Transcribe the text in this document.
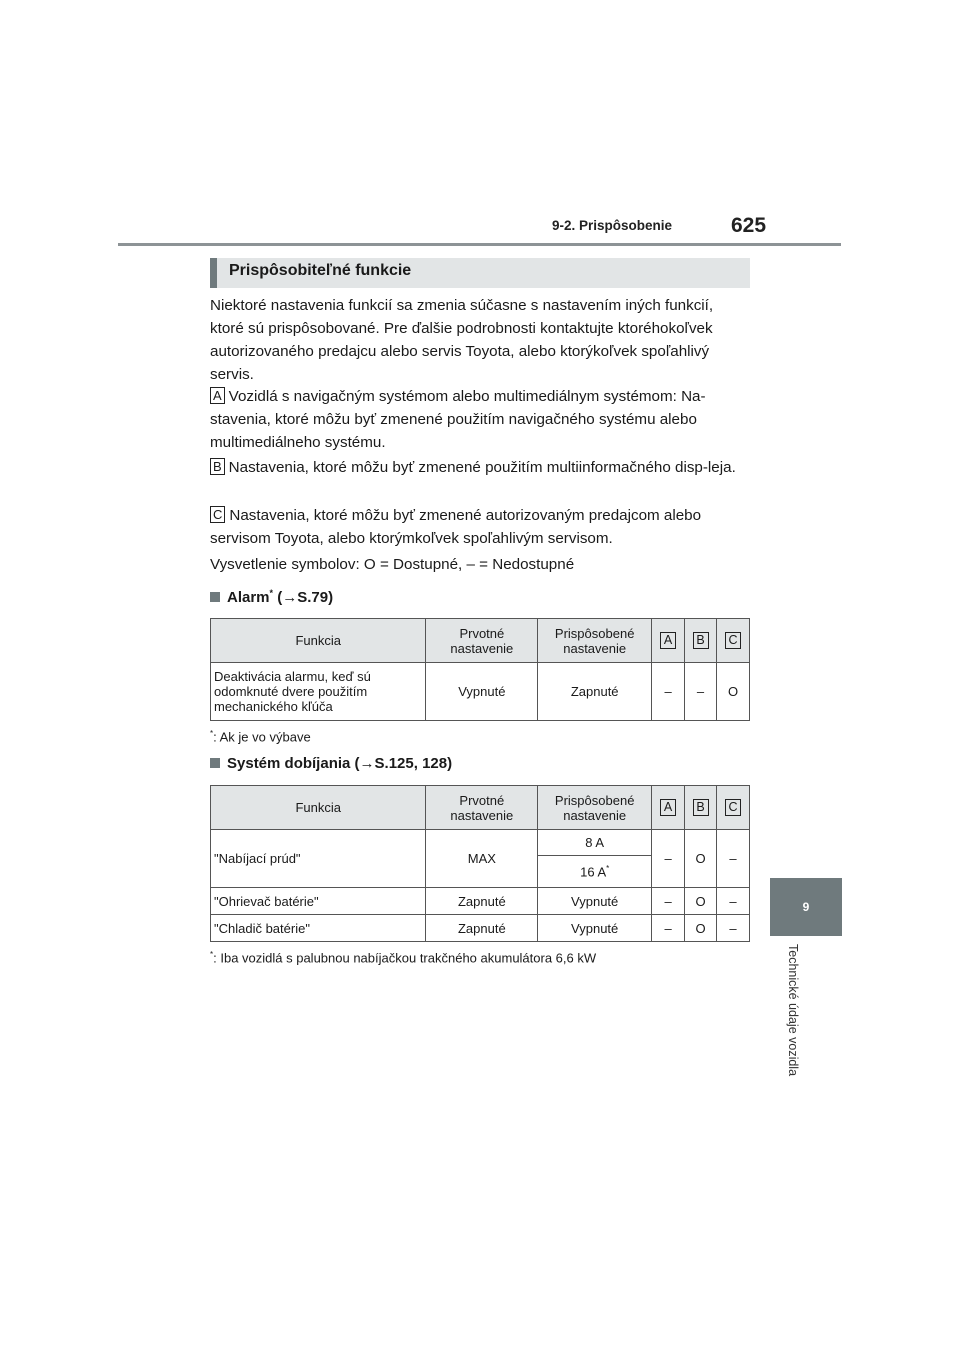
9-2. Prispôsobenie	625
9
Technické údaje vozidla
Prispôsobiteľné funkcie

Niektoré nastavenia funkcií sa zmenia súčasne s nastavením iných funkcií, ktoré sú prispôsobované. Pre ďalšie podrobnosti kontaktujte ktoréhokoľvek autorizovaného predajcu alebo servis Toyota, alebo ktorýkoľvek spoľahlivý servis.

A Vozidlá s navigačným systémom alebo multimediálnym systémom: Na-stavenia, ktoré môžu byť zmenené použitím navigačného systému alebo multimediálneho systému.

B Nastavenia, ktoré môžu byť zmenené použitím multiinformačného disp-leja.

C Nastavenia, ktoré môžu byť zmenené autorizovaným predajcom alebo servisom Toyota, alebo ktorýmkoľvek spoľahlivým servisom.

Vysvetlenie symbolov: O = Dostupné, – = Nedostupné

Alarm* (→S.79)
Funkcia	Prvotné nastavenie	Prispôsobené nastavenie	A	B	C
Deaktivácia alarmu, keď sú odomknuté dvere použitím mechanického kľúča	Vypnuté	Zapnuté	–	–	O
*: Ak je vo výbave
Systém dobíjania (→S.125, 128)
Funkcia	Prvotné nastavenie	Prispôsobené nastavenie	A	B	C
"Nabíjací prúd"	MAX	8 A	–	O	–
		16 A*
"Ohrievač batérie"	Zapnuté	Vypnuté	–	O	–
"Chladič batérie"	Zapnuté	Vypnuté	–	O	–
*: Iba vozidlá s palubnou nabíjačkou trakčného akumulátora 6,6 kW
